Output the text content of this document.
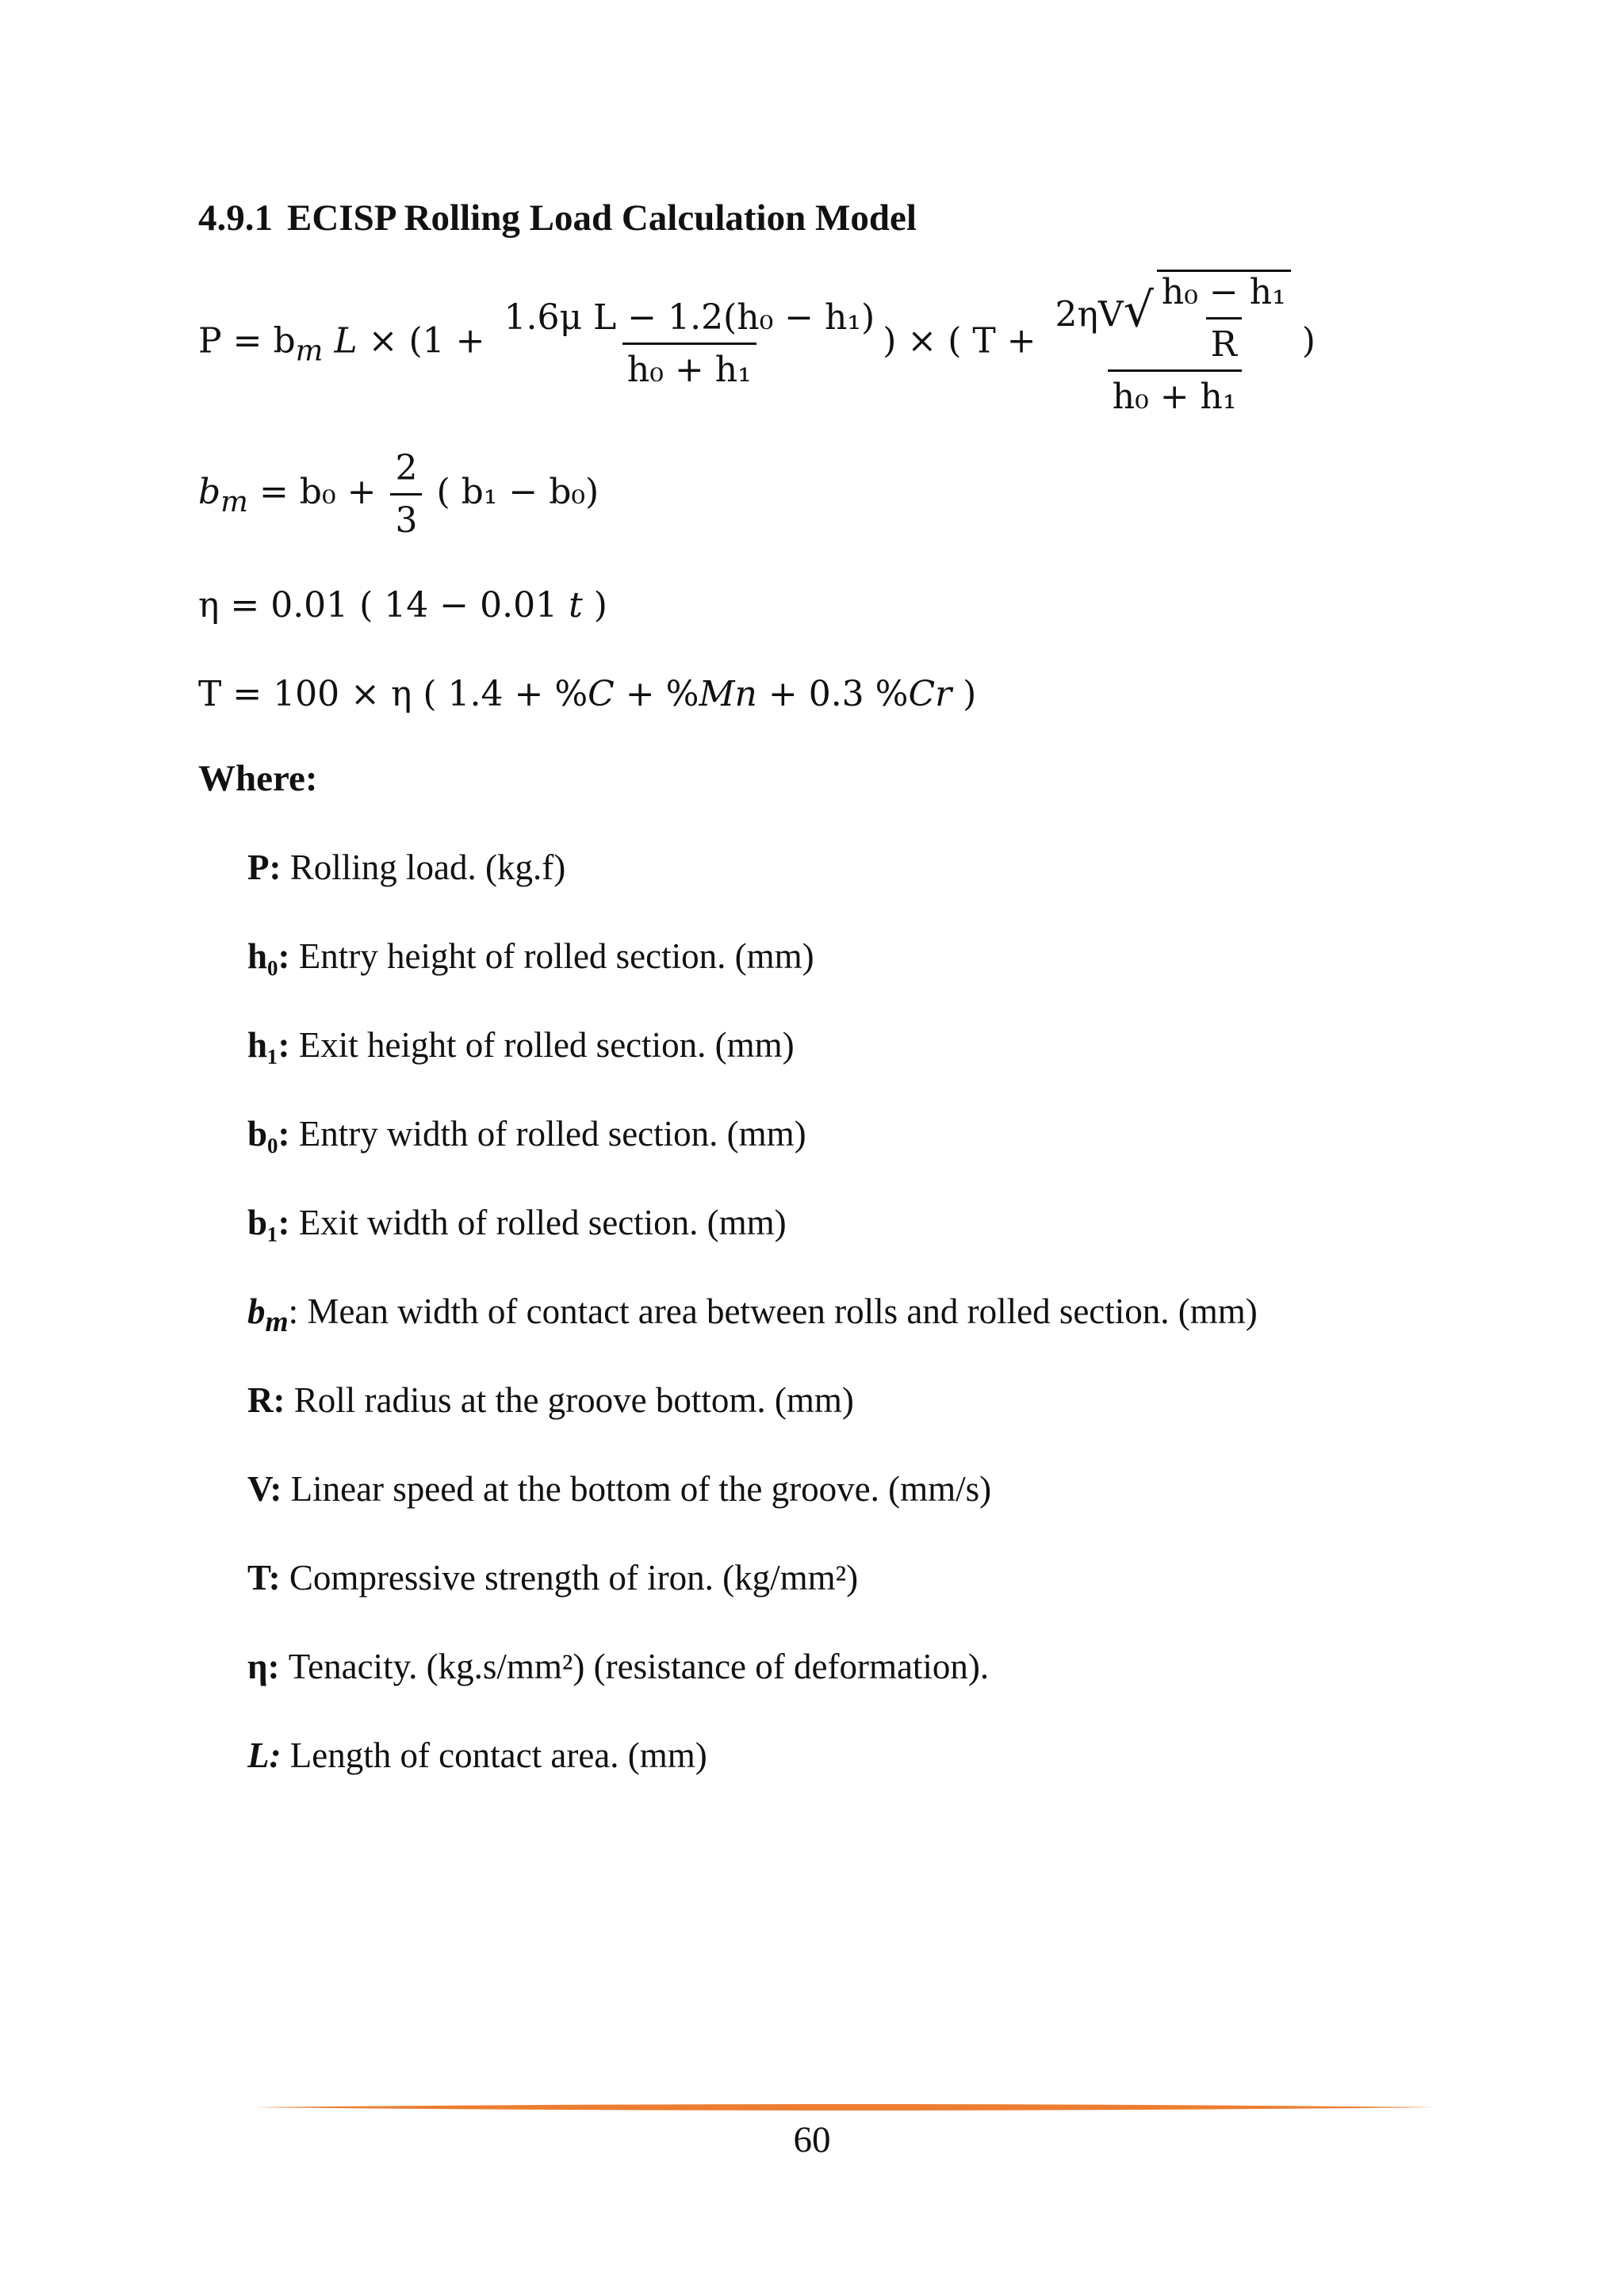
4.9.1 ECISP Rolling Load Calculation Model
$P = b_m$ $L \times (1 + \frac{\text{1.6μ L − 1.2(h₀ − h₁)}}{\text{h₀ + h₁}}$ ) × ( $T + \frac{2\eta V√ \frac{\text{h₀ − h₁}}{R}}{\text{h₀ + h₁}}$ )
$b_m = b_0 + \frac{2}{3}$ ( b₁ − b₀)
η = 0.01 ( 14 − 0.01 t )
T = 100 × η ( 1.4 + %C + %Mn + 0.3 %Cr )
Where:
P: Rolling load. (kg.f)
h₀: Entry height of rolled section. (mm)
h₁: Exit height of rolled section. (mm)
b₀: Entry width of rolled section. (mm)
b₁: Exit width of rolled section. (mm)
$b_m$: Mean width of contact area between rolls and rolled section. (mm)
R: Roll radius at the groove bottom. (mm)
V: Linear speed at the bottom of the groove. (mm/s)
T: Compressive strength of iron. (kg/mm²)
η: Tenacity. (kg.s/mm²) (resistance of deformation).
L: Length of contact area. (mm)
60
